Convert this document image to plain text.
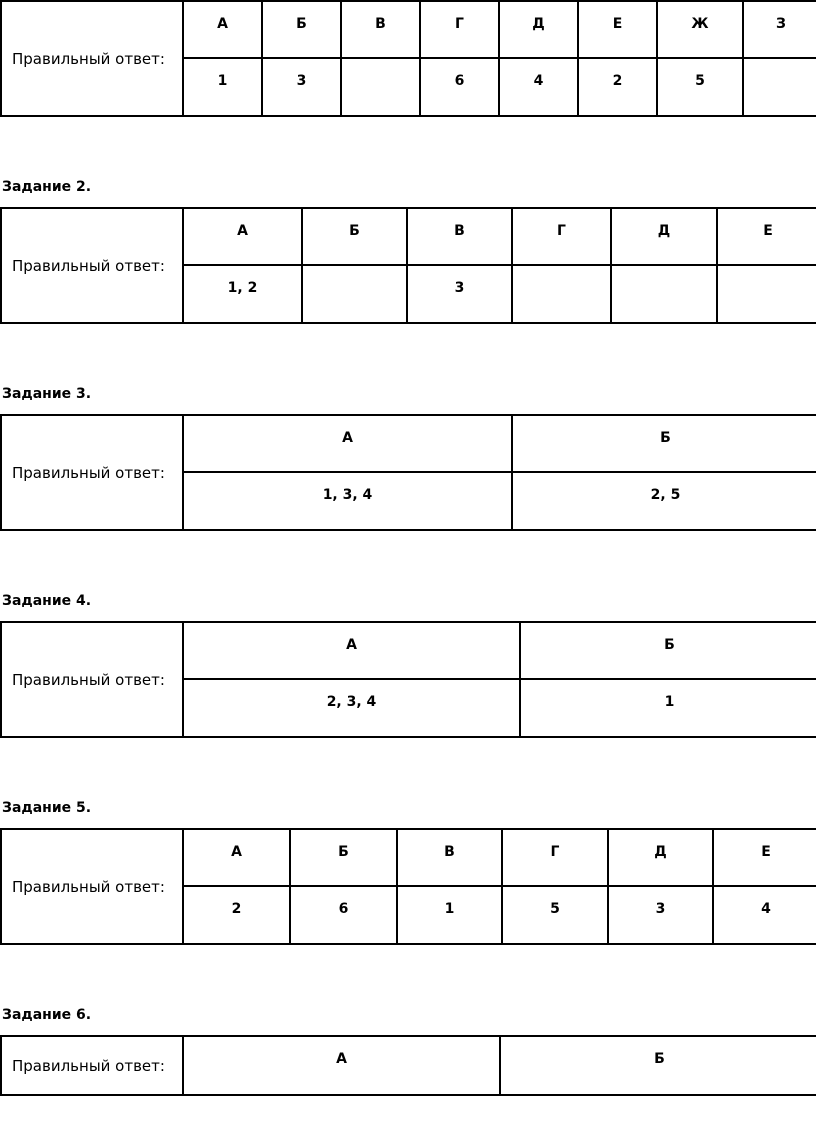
Правильный ответ:	А	Б	В	Г	Д	Е	Ж	З
	1	3		6	4	2	5	
Задание 2.
Правильный ответ:	А	Б	В	Г	Д	Е
	1, 2		3			
Задание 3.
Правильный ответ:	А	Б
	1, 3, 4	2, 5
Задание 4.
Правильный ответ:	А	Б
	2, 3, 4	1
Задание 5.
Правильный ответ:	А	Б	В	Г	Д	Е
	2	6	1	5	3	4
Задание 6.
Правильный ответ:	А	Б
